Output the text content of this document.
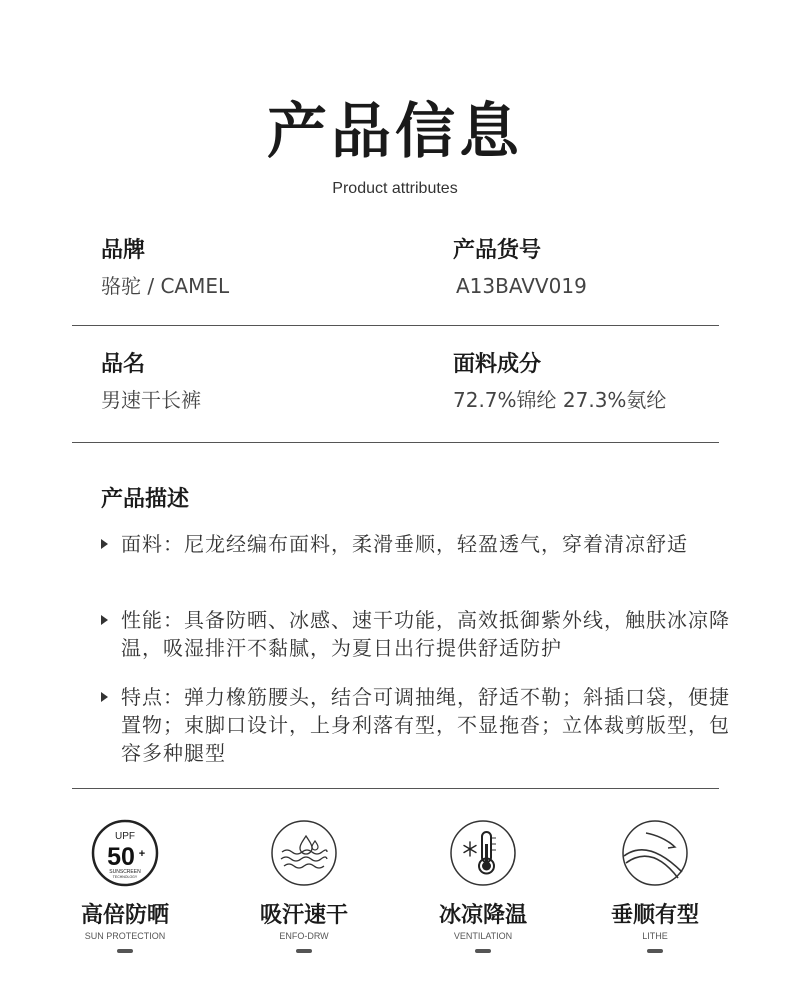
产品信息
Product attributes
品牌
骆驼 / CAMEL
产品货号
A13BAVV019
品名
男速干长裤
面料成分
72.7%锦纶 27.3%氨纶
产品描述
面料：尼龙经编布面料，柔滑垂顺，轻盈透气，穿着清凉舒适
性能：具备防晒、冰感、速干功能，高效抵御紫外线，触肤冰凉降温，吸湿排汗不黏腻，为夏日出行提供舒适防护
特点：弹力橡筋腰头，结合可调抽绳，舒适不勒；斜插口袋，便捷置物；束脚口设计，上身利落有型，不显拖沓；立体裁剪版型，包容多种腿型
UPF
50 +
SUNSCREEN
TECHNOLOGY
高倍防晒
SUN PROTECTION
吸汗速干
ENFO-DRW
冰凉降温
VENTILATION
垂顺有型
LITHE
